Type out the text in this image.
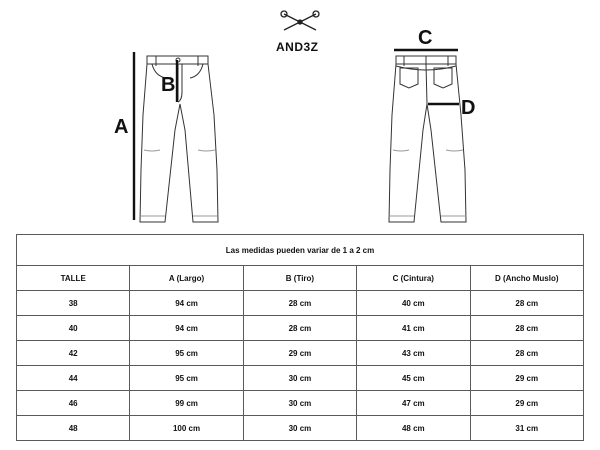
A
B
C
D
AND3Z
Las medidas pueden variar de 1 a 2 cm				
TALLE	A (Largo)	B (Tiro)	C (Cintura)	D (Ancho Muslo)
38	94 cm	28 cm	40 cm	28 cm
40	94 cm	28 cm	41 cm	28 cm
42	95 cm	29 cm	43 cm	28 cm
44	95 cm	30 cm	45 cm	29 cm
46	99 cm	30 cm	47 cm	29 cm
48	100 cm	30 cm	48 cm	31 cm
